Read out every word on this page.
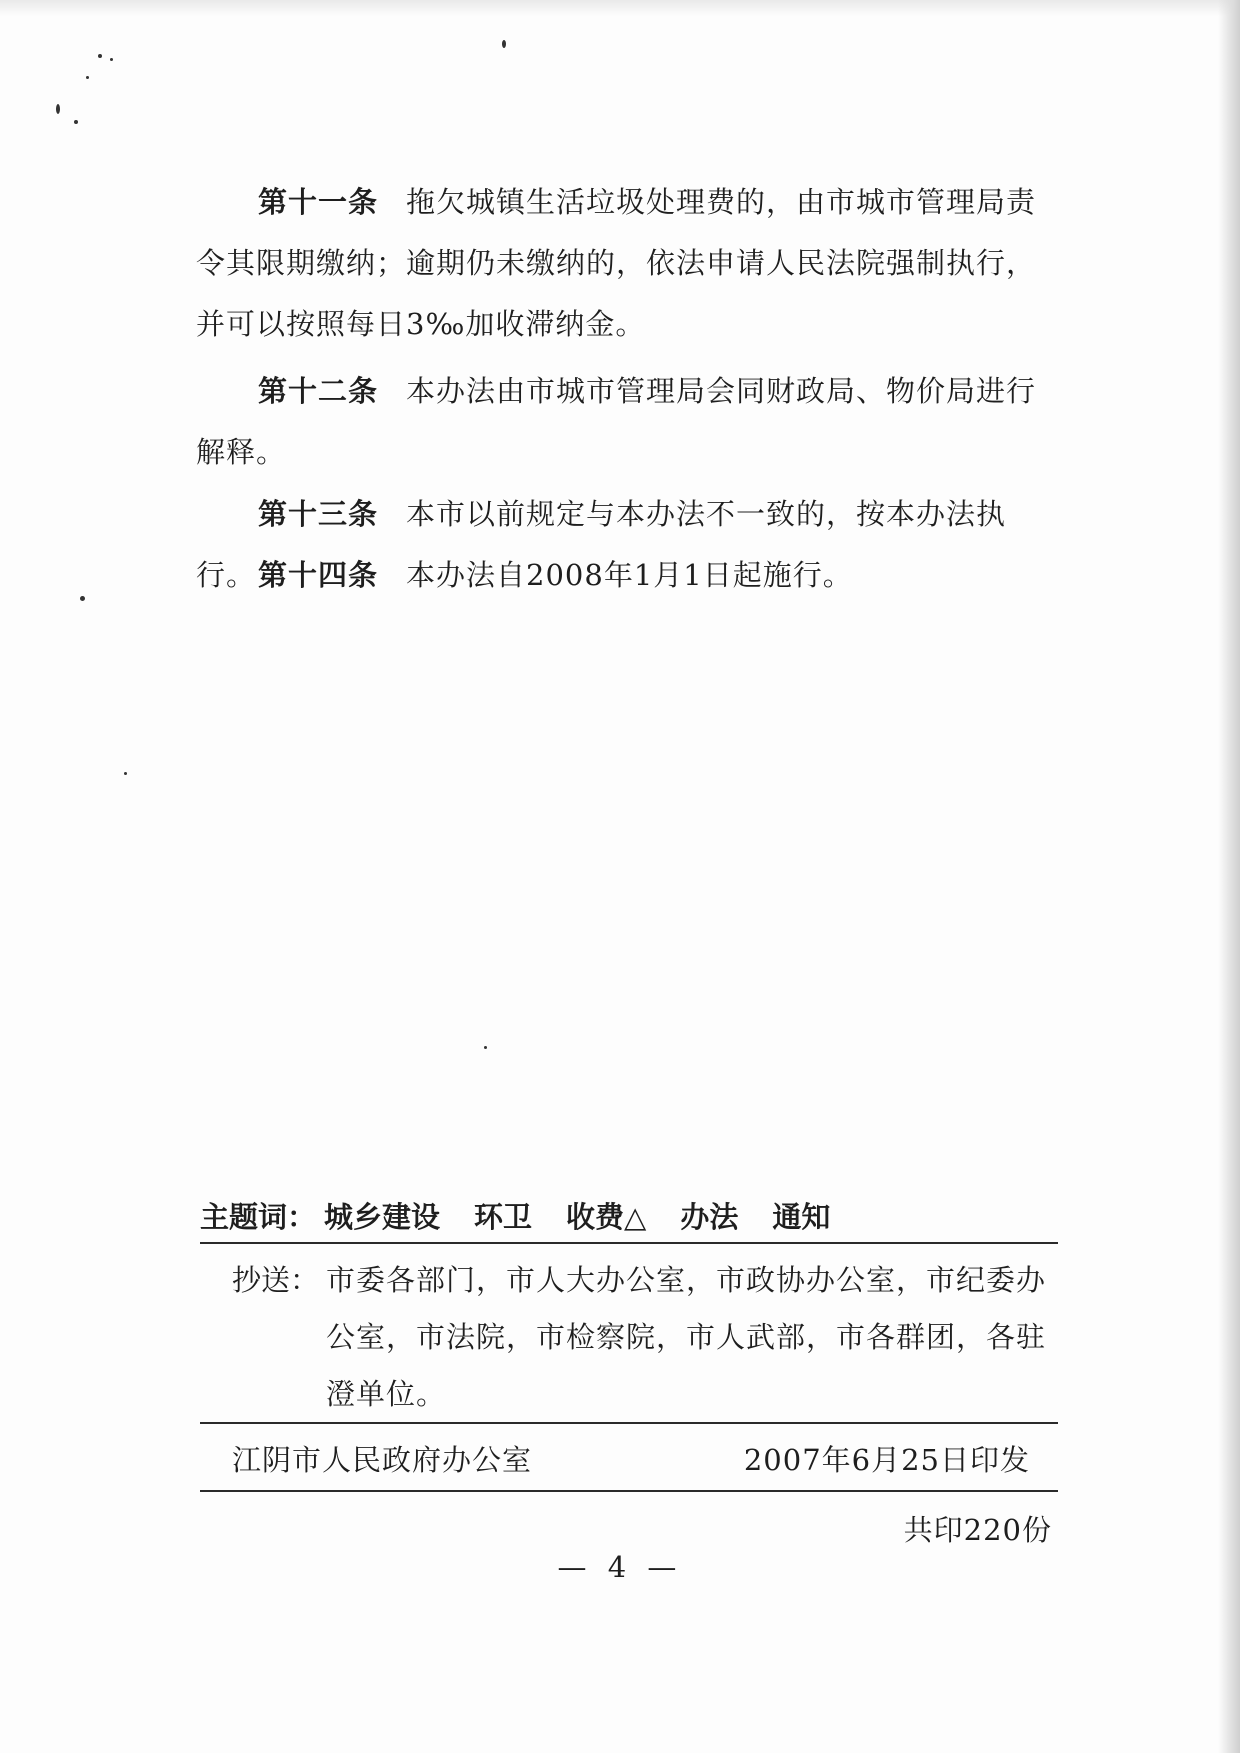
第十一条 拖欠城镇生活垃圾处理费的，由市城市管理局责令其限期缴纳；逾期仍未缴纳的，依法申请人民法院强制执行，并可以按照每日3‰加收滞纳金。

第十二条 本办法由市城市管理局会同财政局、物价局进行解释。

第十三条 本市以前规定与本办法不一致的，按本办法执行。 第十四条 本办法自2008年1月1日起施行。

主题词： 城乡建设 环卫 收费△ 办法 通知
抄送： 市委各部门，市人大办公室，市政协办公室，市纪委办公室，市法院，市检察院，市人武部，市各群团，各驻澄单位。
江阴市人民政府办公室	2007年6月25日印发
共印220份
— 4 —
